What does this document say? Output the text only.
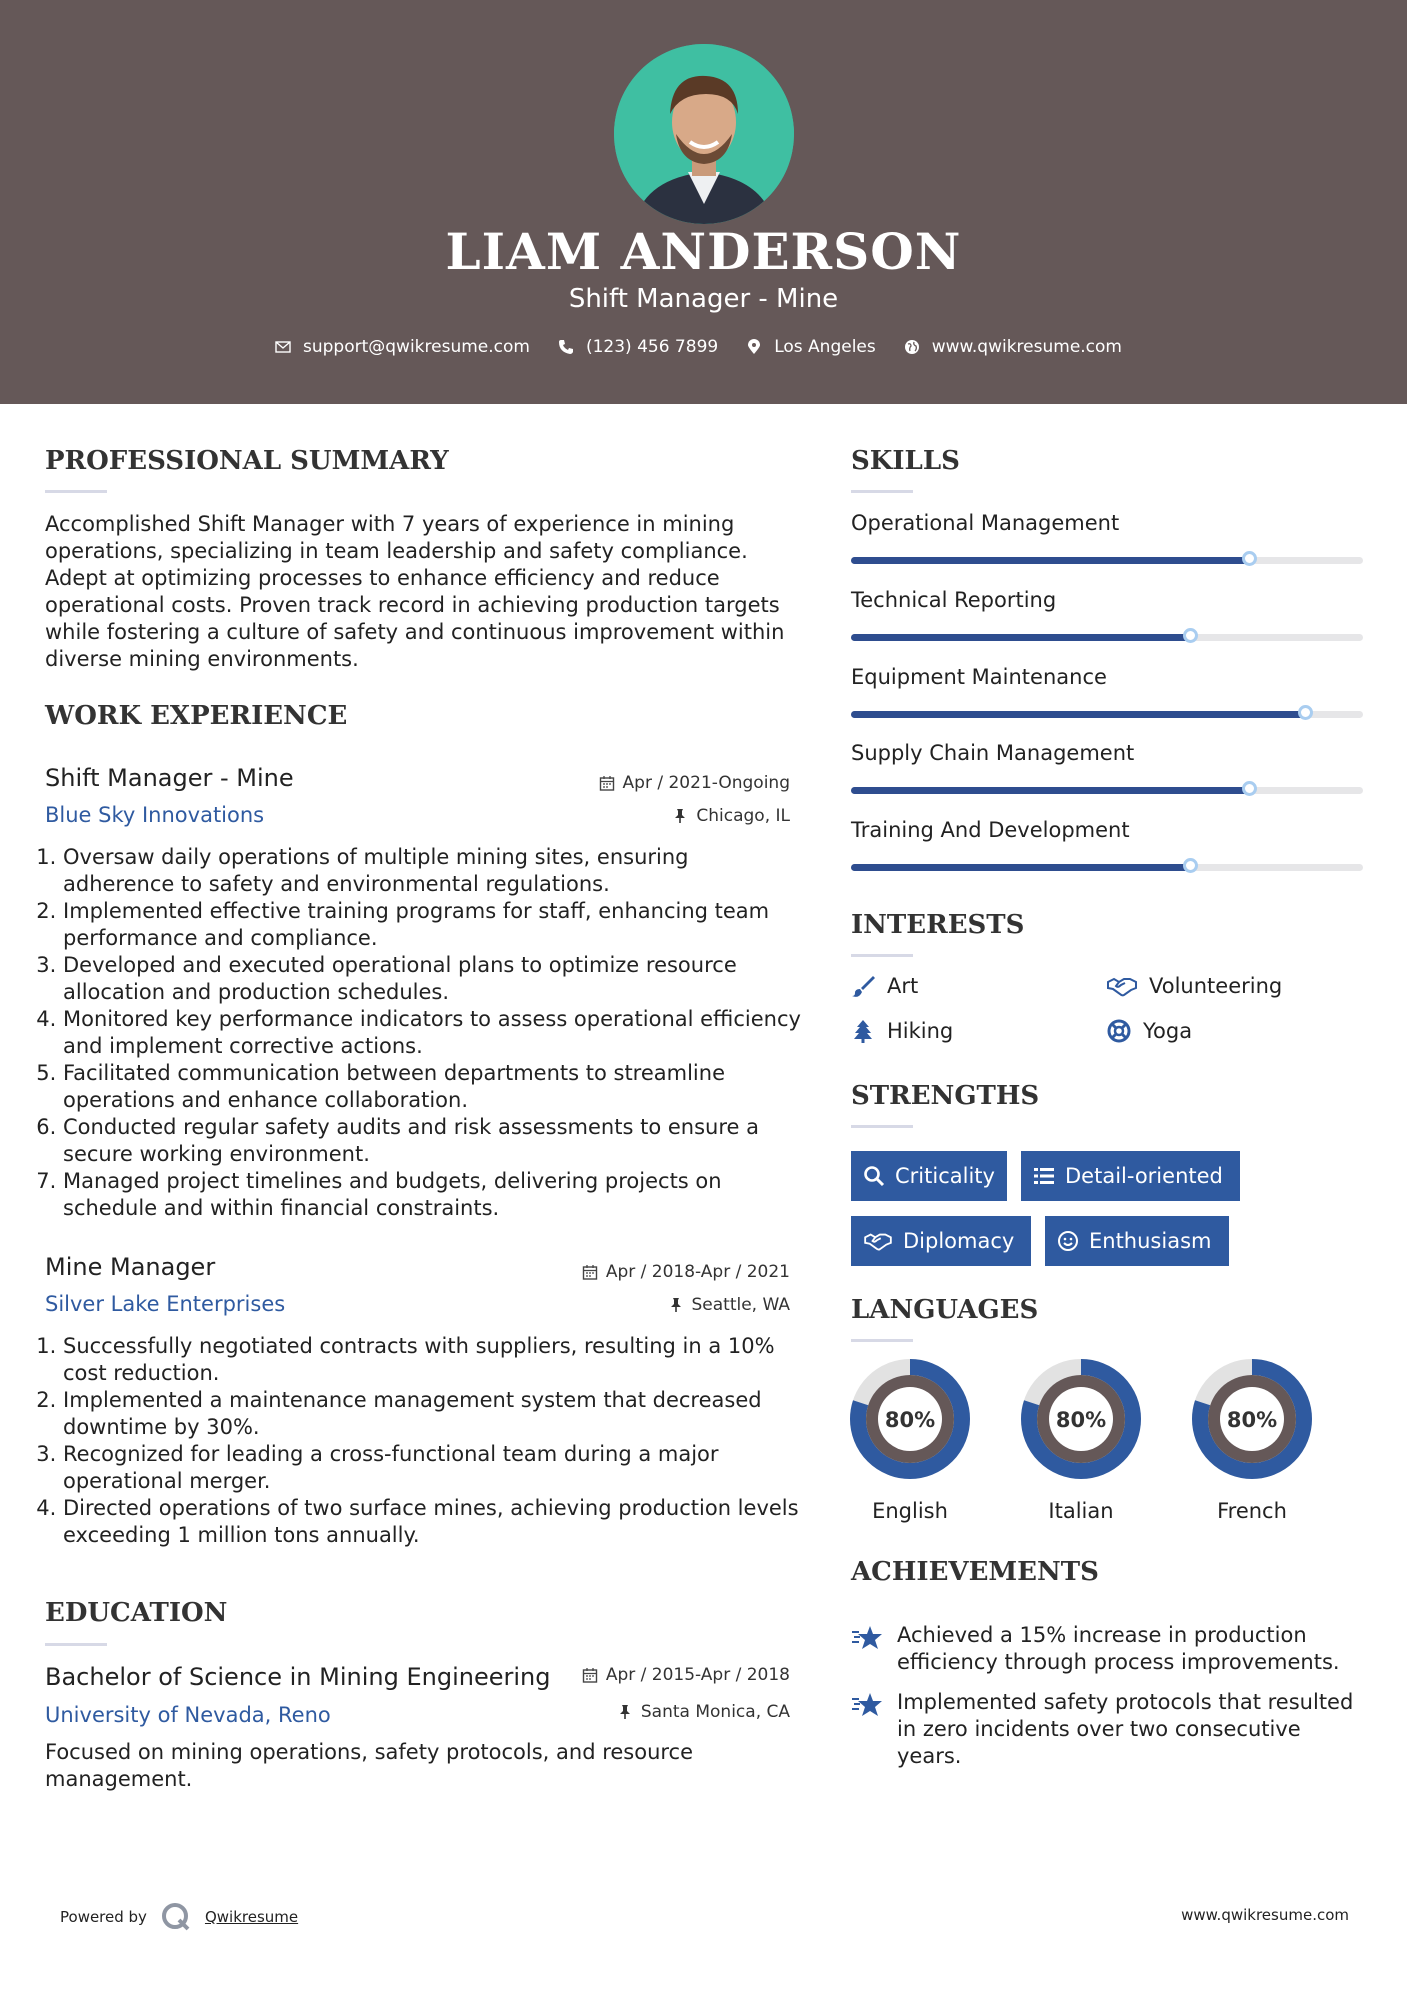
LIAM ANDERSON
Shift Manager - Mine
support@qwikresume.com	(123) 456 7899	Los Angeles	www.qwikresume.com
PROFESSIONAL SUMMARY
Accomplished Shift Manager with 7 years of experience in mining operations, specializing in team leadership and safety compliance. Adept at optimizing processes to enhance efficiency and reduce operational costs. Proven track record in achieving production targets while fostering a culture of safety and continuous improvement within diverse mining environments.
WORK EXPERIENCE
Shift Manager - Mine
Blue Sky Innovations
Apr / 2021-Ongoing
Chicago, IL
1. Oversaw daily operations of multiple mining sites, ensuring adherence to safety and environmental regulations.
2. Implemented effective training programs for staff, enhancing team performance and compliance.
3. Developed and executed operational plans to optimize resource allocation and production schedules.
4. Monitored key performance indicators to assess operational efficiency and implement corrective actions.
5. Facilitated communication between departments to streamline operations and enhance collaboration.
6. Conducted regular safety audits and risk assessments to ensure a secure working environment.
7. Managed project timelines and budgets, delivering projects on schedule and within financial constraints.
Mine Manager
Silver Lake Enterprises
Apr / 2018-Apr / 2021
Seattle, WA
1. Successfully negotiated contracts with suppliers, resulting in a 10% cost reduction.
2. Implemented a maintenance management system that decreased downtime by 30%.
3. Recognized for leading a cross-functional team during a major operational merger.
4. Directed operations of two surface mines, achieving production levels exceeding 1 million tons annually.
EDUCATION
Bachelor of Science in Mining Engineering
University of Nevada, Reno
Apr / 2015-Apr / 2018
Santa Monica, CA
Focused on mining operations, safety protocols, and resource management.
SKILLS
Operational Management
Technical Reporting
Equipment Maintenance
Supply Chain Management
Training And Development
INTERESTS
Art	Volunteering
Hiking	Yoga
STRENGTHS
Criticality	Detail-oriented
Diplomacy	Enthusiasm
LANGUAGES
80%
English
80%
Italian
80%
French
ACHIEVEMENTS
Achieved a 15% increase in production efficiency through process improvements.
Implemented safety protocols that resulted in zero incidents over two consecutive years.
Powered by	Qwikresume	www.qwikresume.com
